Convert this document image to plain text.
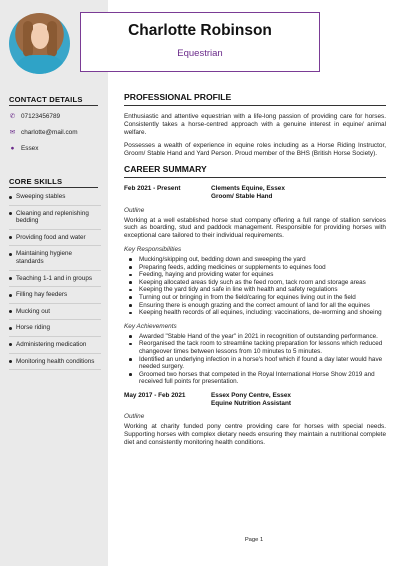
CONTACT DETAILS
✆ 07123456789
✉ charlotte@mail.com
● Essex
CORE SKILLS
Sweeping stables
Cleaning and replenishing bedding
Providing food and water
Maintaining hygiene standards
Teaching 1-1 and in groups
Filling hay feeders
Mucking out
Horse riding
Administering medication
Monitoring health conditions
Charlotte Robinson
Equestrian
PROFESSIONAL PROFILE

Enthusiastic and attentive equestrian with a life-long passion of providing care for horses. Consistently takes a horse-centred approach with a genuine interest in equine/ animal welfare.

Possesses a wealth of experience in equine roles including as a Horse Riding Instructor, Groom/ Stable Hand and Yard Person. Proud member of the BHS (British Horse Society).

CAREER SUMMARY
Feb 2021 - Present	Clements Equine, Essex
Groom/ Stable Hand
Outline

Working at a well established horse stud company offering a full range of stallion services such as boarding, stud and paddock management. Responsible for providing horses with exceptional care tailored to their individual requirements.

Key Responsibilities
Mucking/skipping out, bedding down and sweeping the yard
Preparing feeds, adding medicines or supplements to equines food
Feeding, haying and providing water for equines
Keeping allocated areas tidy such as the feed room, tack room and storage areas
Keeping the yard tidy and safe in line with health and safety regulations
Turning out or bringing in from the field/caring for equines living out in the field
Ensuring there is enough grazing and the correct amount of land for all the equines
Keeping health records of all equines, including: vaccinations, de-worming and shoeing
Key Achievements
Awarded "Stable Hand of the year" in 2021 in recognition of outstanding performance.
Reorganised the tack room to streamline tacking preparation for lessons which reduced changeover times between lessons from 10 minutes to 5 minutes.
Identified an underlying infection in a horse's hoof which if found a day later would have needed surgery.
Groomed two horses that competed in the Royal International Horse Show 2019 and received full points for presentation.
May 2017 - Feb 2021	Essex Pony Centre, Essex
Equine Nutrition Assistant
Outline

Working at charity funded pony centre providing care for horses with special needs. Supporting horses with complex dietary needs ensuring they maintain a nutritional complete diet and consistently monitoring health conditions.

Page 1
